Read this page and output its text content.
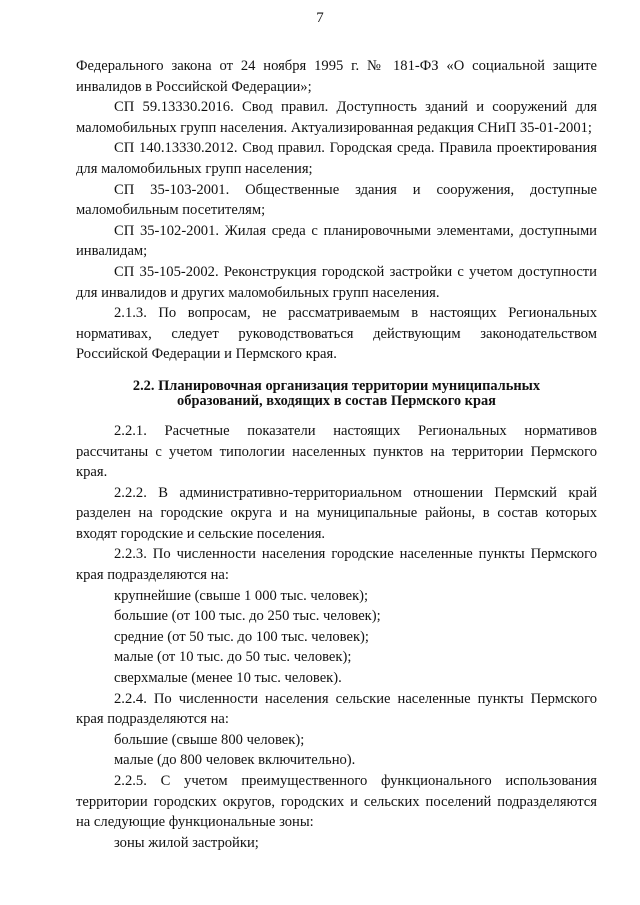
7

Федерального закона от 24 ноября 1995 г. № 181-ФЗ «О социальной защите инвалидов в Российской Федерации»;

СП 59.13330.2016. Свод правил. Доступность зданий и сооружений для маломобильных групп населения. Актуализированная редакция СНиП 35-01-2001;

СП 140.13330.2012. Свод правил. Городская среда. Правила проектирования для маломобильных групп населения;

СП 35-103-2001. Общественные здания и сооружения, доступные маломобильным посетителям;

СП 35-102-2001. Жилая среда с планировочными элементами, доступными инвалидам;

СП 35-105-2002. Реконструкция городской застройки с учетом доступности для инвалидов и других маломобильных групп населения.

2.1.3. По вопросам, не рассматриваемым в настоящих Региональных нормативах, следует руководствоваться действующим законодательством Российской Федерации и Пермского края.

2.2. Планировочная организация территории муниципальных
образований, входящих в состав Пермского края

2.2.1. Расчетные показатели настоящих Региональных нормативов рассчитаны с учетом типологии населенных пунктов на территории Пермского края.

2.2.2. В административно-территориальном отношении Пермский край разделен на городские округа и на муниципальные районы, в состав которых входят городские и сельские поселения.

2.2.3. По численности населения городские населенные пункты Пермского края подразделяются на:

крупнейшие (свыше 1 000 тыс. человек);

большие (от 100 тыс. до 250 тыс. человек);

средние (от 50 тыс. до 100 тыс. человек);

малые (от 10 тыс. до 50 тыс. человек);

сверхмалые (менее 10 тыс. человек).

2.2.4. По численности населения сельские населенные пункты Пермского края подразделяются на:

большие (свыше 800 человек);

малые (до 800 человек включительно).

2.2.5. С учетом преимущественного функционального использования территории городских округов, городских и сельских поселений подразделяются на следующие функциональные зоны:

зоны жилой застройки;
